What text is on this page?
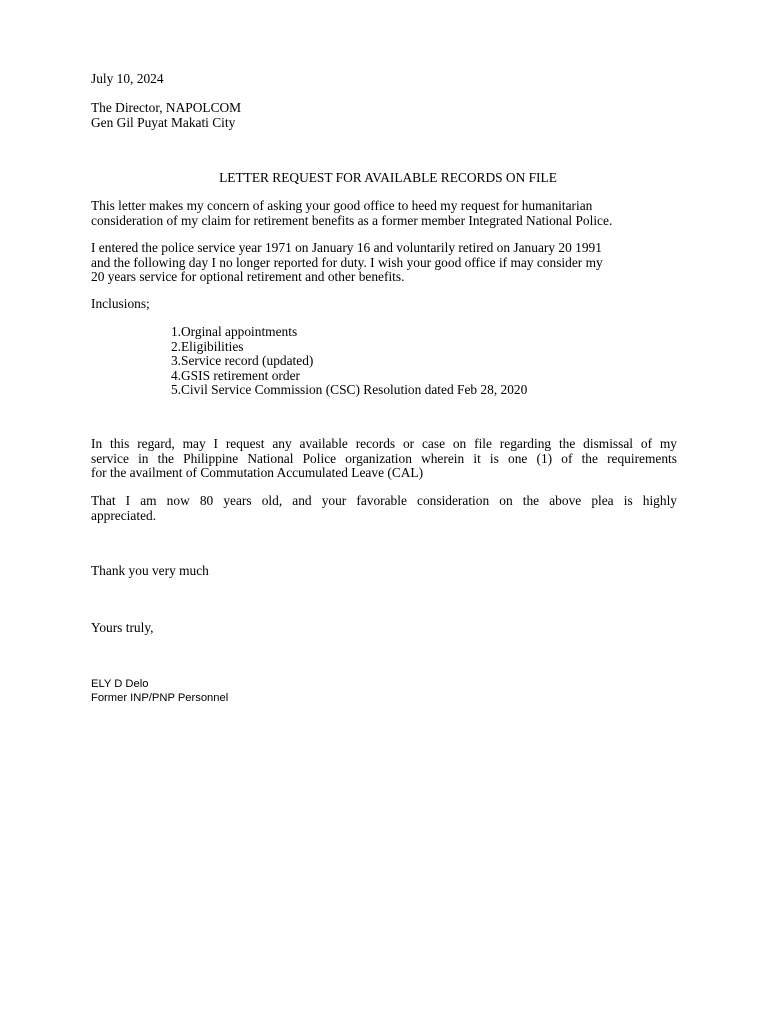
July 10, 2024
The Director, NAPOLCOM
Gen Gil Puyat Makati City
LETTER REQUEST FOR AVAILABLE RECORDS ON FILE
This letter makes my concern of asking your good office to heed my request for humanitarian
consideration of my claim for retirement benefits as a former member Integrated National Police.
I entered the police service year 1971 on January 16 and voluntarily retired on January 20 1991
and the following day I no longer reported for duty. I wish your good office if may consider my
20 years service for optional retirement and other benefits.
Inclusions;
1. Orginal appointments
2. Eligibilities
3. Service record (updated)
4. GSIS retirement order
5. Civil Service Commission (CSC) Resolution dated Feb 28, 2020
In this regard, may I request any available records or case on file regarding the dismissal of my
service in the Philippine National Police organization wherein it is one (1) of the requirements
for the availment of Commutation Accumulated Leave (CAL)
That I am now 80 years old, and your favorable consideration on the above plea is highly
appreciated.
Thank you very much
Yours truly,
ELY D Delo
Former INP/PNP Personnel
